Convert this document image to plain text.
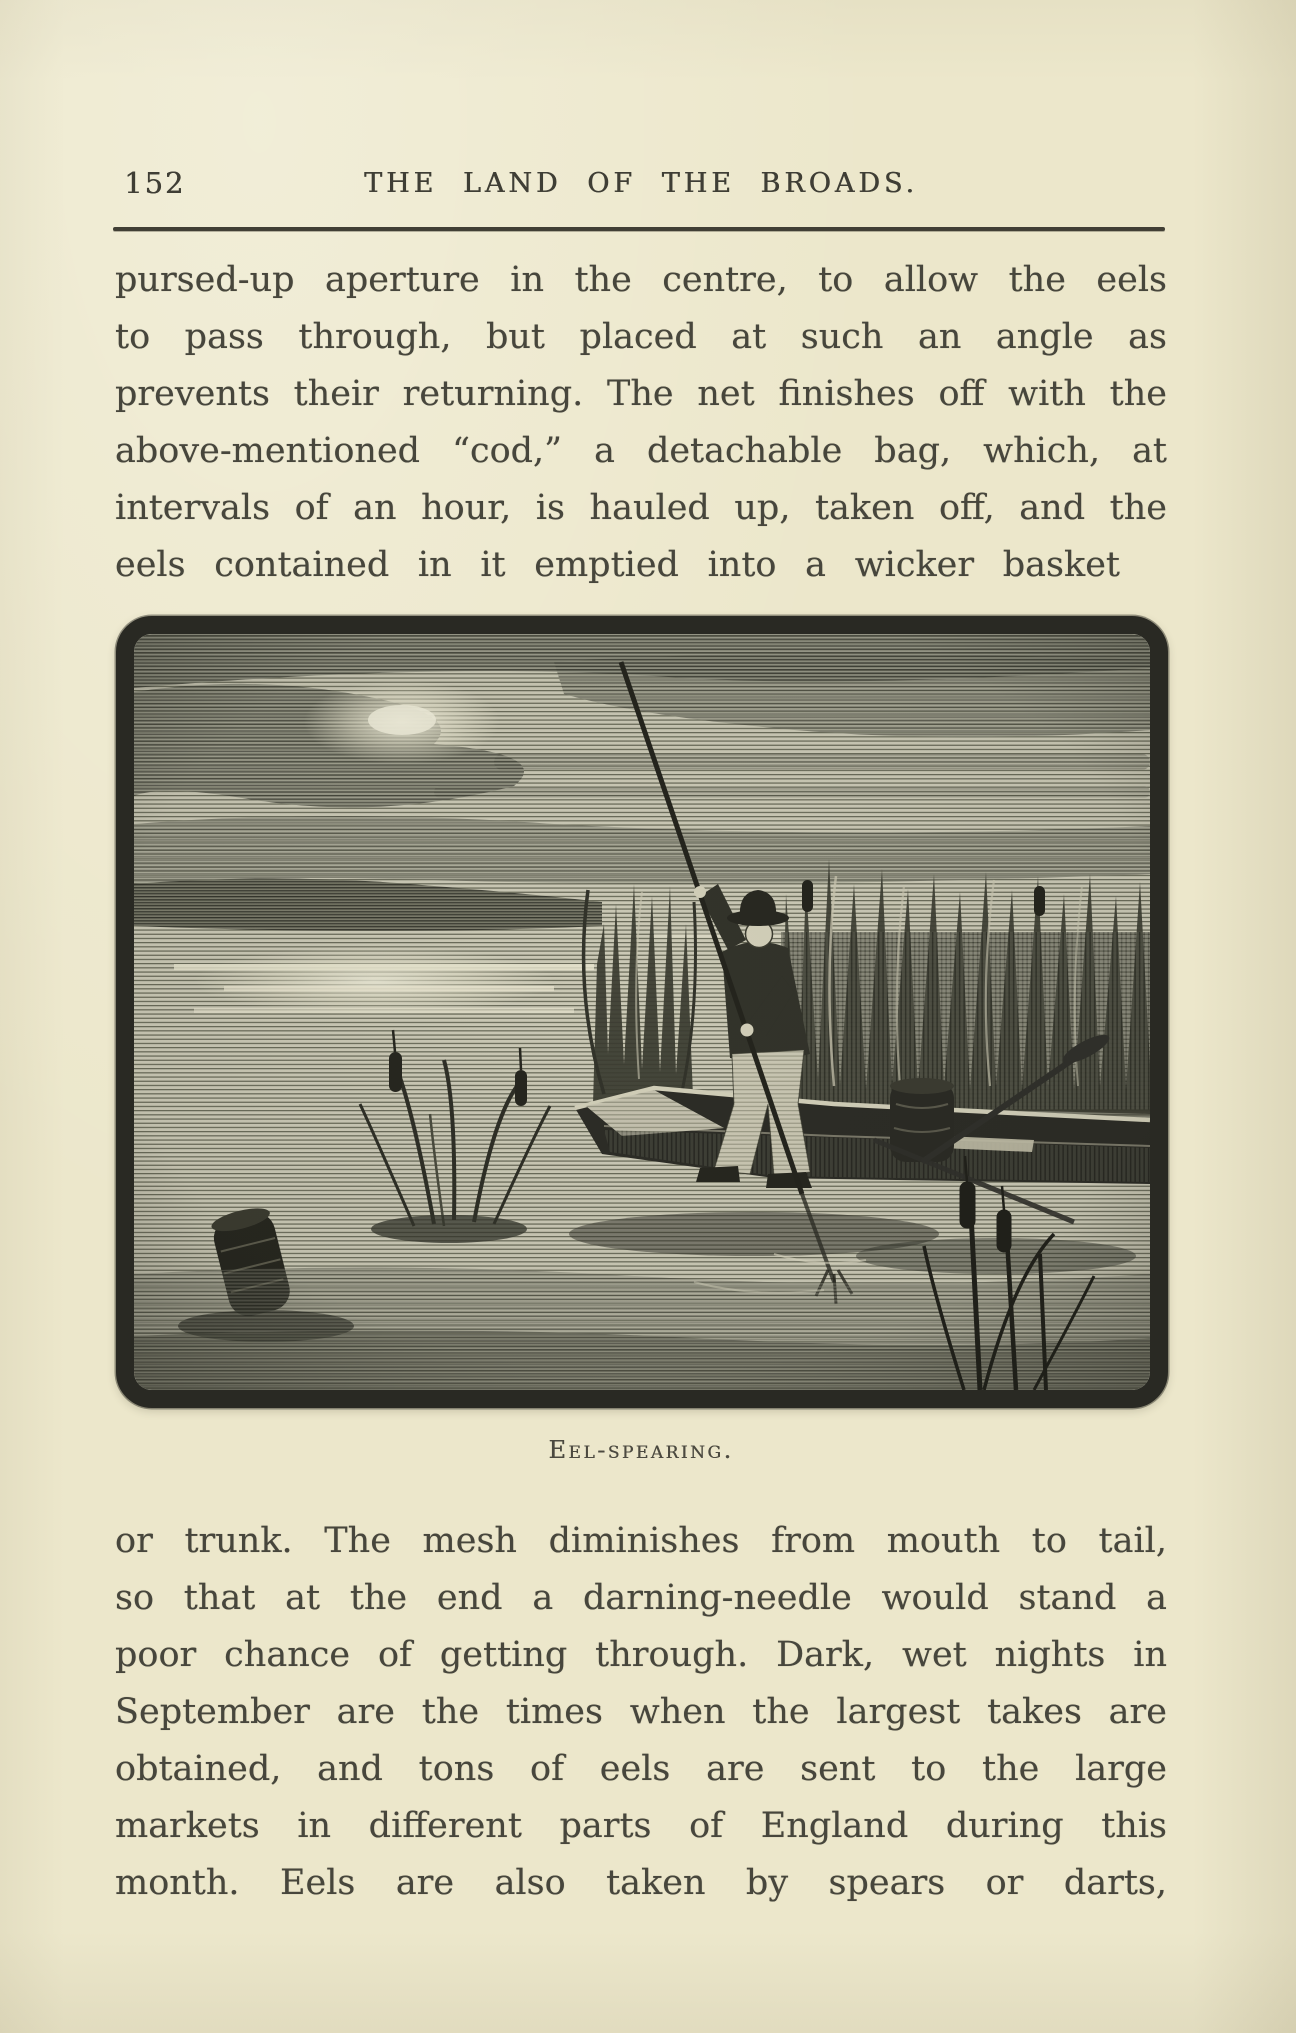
152	THE LAND OF THE BROADS.
pursed-up aperture in the centre, to allow the eels
to pass through, but placed at such an angle as
prevents their returning. The net finishes off with the
above-mentioned “cod,” a detachable bag, which, at
intervals of an hour, is hauled up, taken off, and the
eels contained in it emptied into a wicker basket
Eel-spearing.
or trunk. The mesh diminishes from mouth to tail,
so that at the end a darning-needle would stand a
poor chance of getting through. Dark, wet nights in
September are the times when the largest takes are
obtained, and tons of eels are sent to the large
markets in different parts of England during this
month. Eels are also taken by spears or darts,
